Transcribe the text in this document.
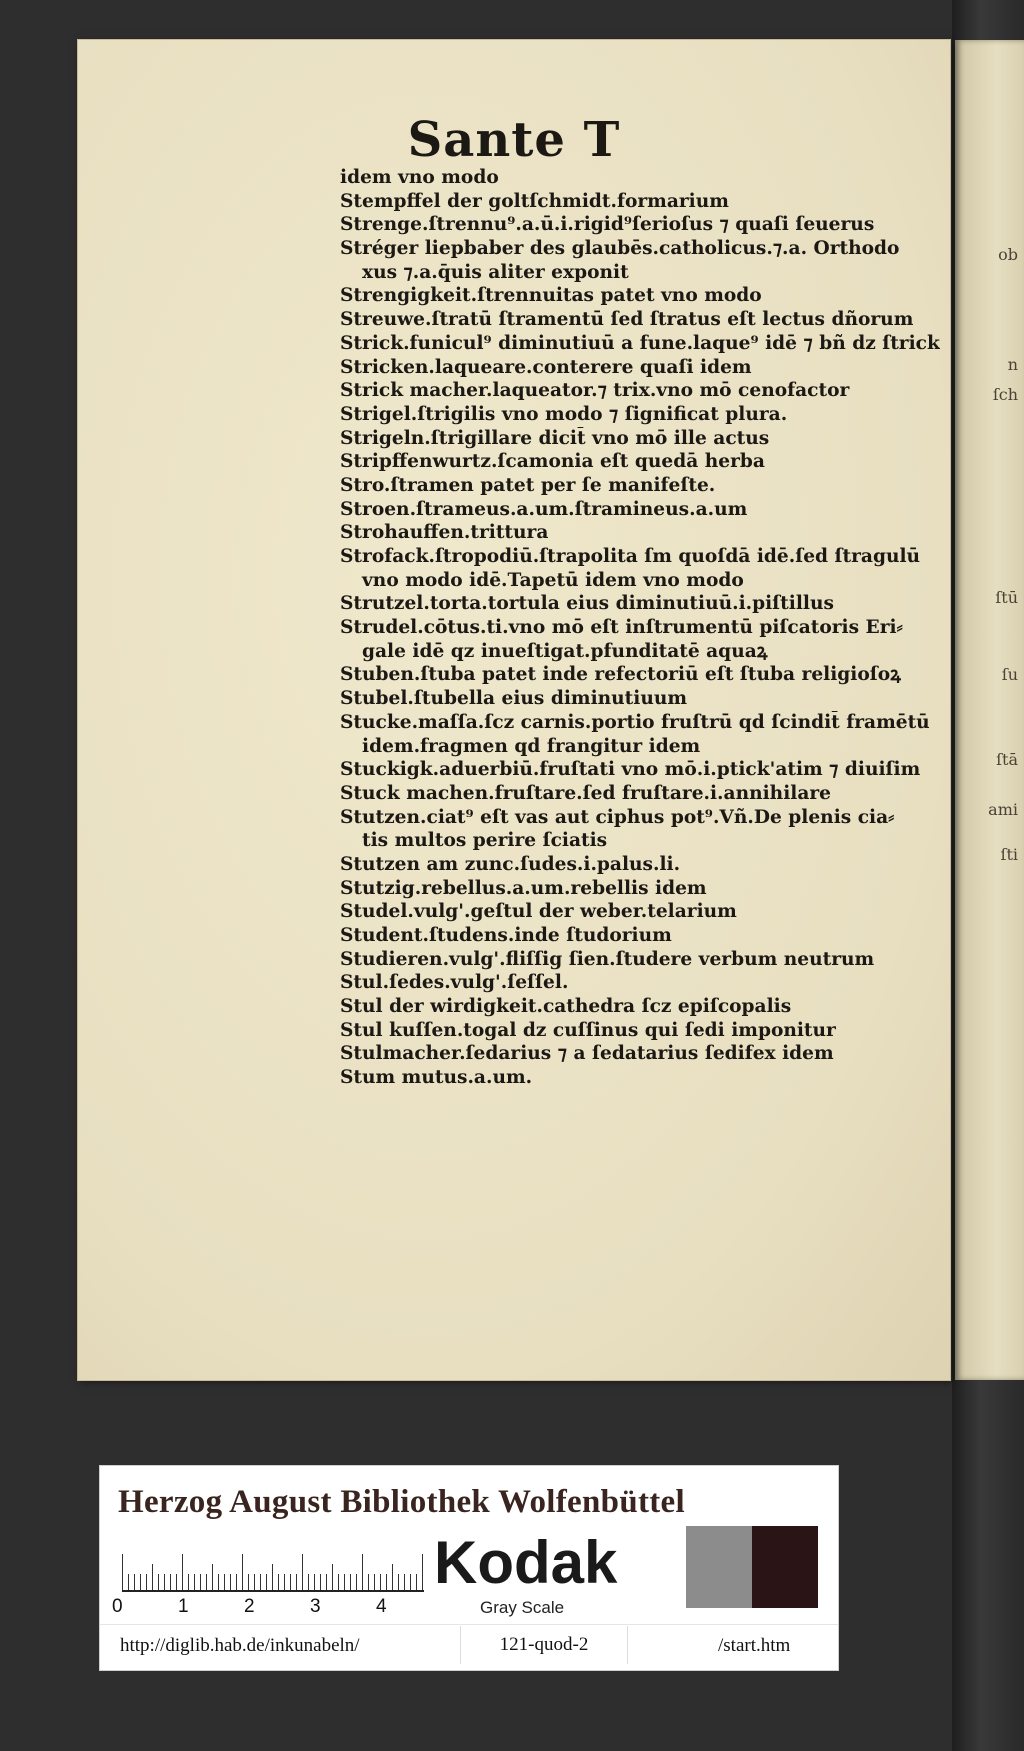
ob
n
ſch
ſtū
ſu
ſtā
ami
ſti
Sante T
idem vno modo
Stempffel der goltſchmidt.formarium
Strenge.ſtrennu⁹.a.ū.i.rigid⁹ſerioſus ⁊ quaſi ſeuerus
Stréger liepbaber des glaubēs.catholicus.⁊.a. Orthodo
xus ⁊.a.q̄uis aliter exponit
Strengigkeit.ſtrennuitas patet vno modo
Streuwe.ſtratū ſtramentū ſed ſtratus eſt lectus dñorum
Strick.funicul⁹ diminutiuū a fune.laque⁹ idē ⁊ bñ dz ſtrick
Stricken.laqueare.conterere quaſi idem
Strick macher.laqueator.⁊ trix.vno mō cenofactor
Strigel.ſtrigilis vno modo ⁊ ſignificat plura.
Strigeln.ſtrigillare dicit̄ vno mō ille actus
Stripffenwurtz.ſcamonia eſt quedā herba
Stro.ſtramen patet per ſe manifeſte.
Stroen.ſtrameus.a.um.ſtramineus.a.um
Strohauffen.trittura
Strofack.ſtropodiū.ſtrapolita ſm quoſdā idē.ſed ſtragulū
vno modo idē.Tapetū idem vno modo
Strutzel.torta.tortula eius diminutiuū.i.piſtillus
Strudel.cōtus.ti.vno mō eſt inſtrumentū piſcatoris Eri⸗
gale idē qz inueſtigat.pfunditatē aquaꝝ
Stuben.ſtuba patet inde refectoriū eſt ſtuba religioſoꝝ
Stubel.ſtubella eius diminutiuum
Stucke.maſſa.ſcz carnis.portio fruſtrū qd ſcindit̄ framētū
idem.fragmen qd frangitur idem
Stuckigk.aduerbiū.fruſtati vno mō.i.ptick'atim ⁊ diuiſim
Stuck machen.fruſtare.ſed fruſtare.i.annihilare
Stutzen.ciat⁹ eſt vas aut ciphus pot⁹.Vñ.De plenis cia⸗
tis multos perire ſciatis
Stutzen am zunc.ſudes.i.palus.li.
Stutzig.rebellus.a.um.rebellis idem
Studel.vulg'.geſtul der weber.telarium
Student.ſtudens.inde ſtudorium
Studieren.vulg'.fliſſig ſien.ſtudere verbum neutrum
Stul.ſedes.vulg'.ſeſſel.
Stul der wirdigkeit.cathedra ſcz epiſcopalis
Stul kuſſen.togal dz cuſſinus qui ſedi imponitur
Stulmacher.ſedarius ⁊ a ſedatarius ſedifex idem
Stum mutus.a.um.
Herzog August Bibliothek Wolfenbüttel
0	1	2	3	4
Kodak
Gray Scale
http://diglib.hab.de/inkunabeln/	121-quod-2	/start.htm
